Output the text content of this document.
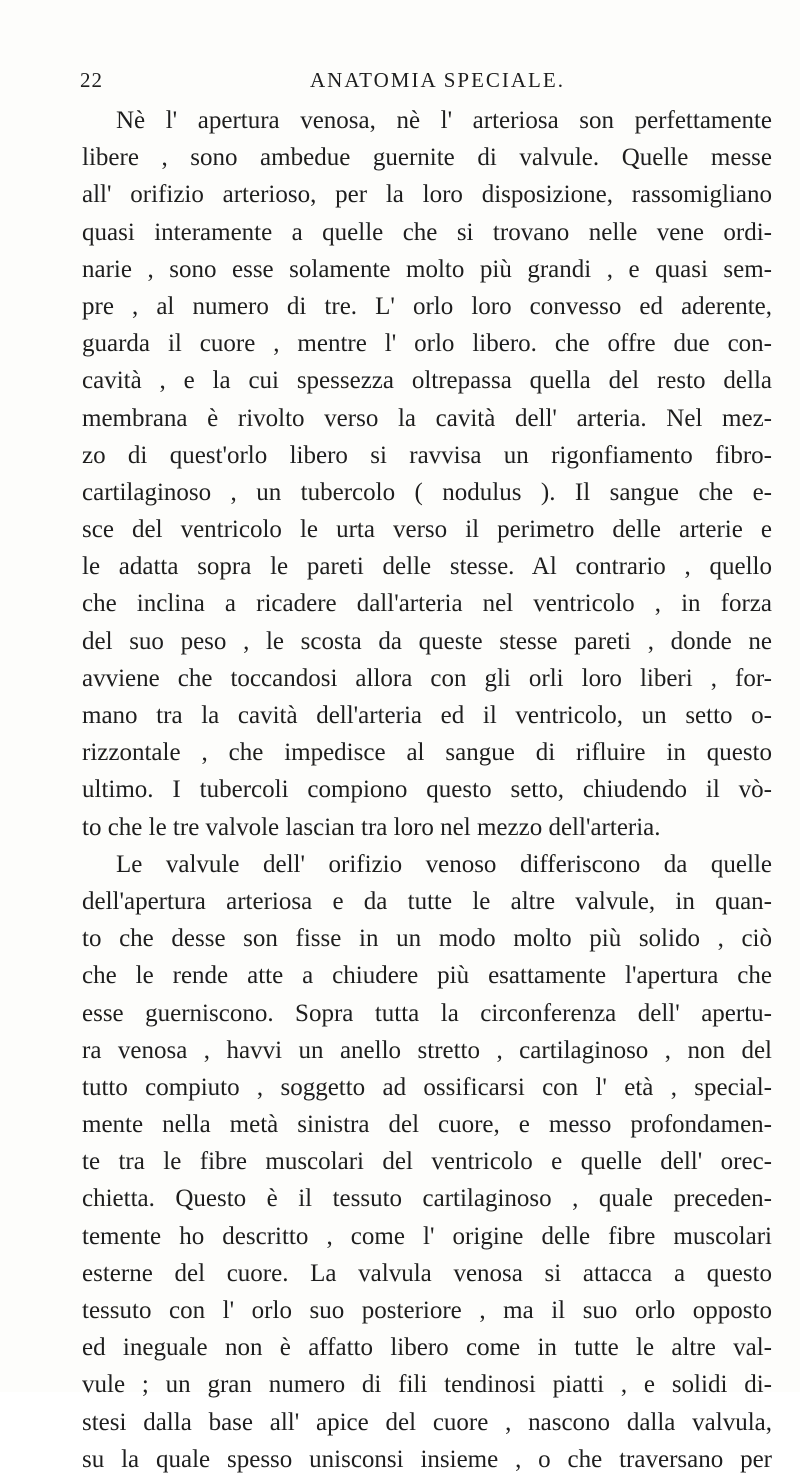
22	ANATOMIA SPECIALE.
Nè l' apertura venosa, nè l' arteriosa son perfettamente
libere , sono ambedue guernite di valvule. Quelle messe
all' orifizio arterioso, per la loro disposizione, rassomigliano
quasi interamente a quelle che si trovano nelle vene ordi-
narie , sono esse solamente molto più grandi , e quasi sem-
pre , al numero di tre. L' orlo loro convesso ed aderente,
guarda il cuore , mentre l' orlo libero. che offre due con-
cavità , e la cui spessezza oltrepassa quella del resto della
membrana è rivolto verso la cavità dell' arteria. Nel mez-
zo di quest'orlo libero si ravvisa un rigonfiamento fibro-
cartilaginoso , un tubercolo ( nodulus ). Il sangue che e-
sce del ventricolo le urta verso il perimetro delle arterie e
le adatta sopra le pareti delle stesse. Al contrario , quello
che inclina a ricadere dall'arteria nel ventricolo , in forza
del suo peso , le scosta da queste stesse pareti , donde ne
avviene che toccandosi allora con gli orli loro liberi , for-
mano tra la cavità dell'arteria ed il ventricolo, un setto o-
rizzontale , che impedisce al sangue di rifluire in questo
ultimo. I tubercoli compiono questo setto, chiudendo il vò-
to che le tre valvole lascian tra loro nel mezzo dell'arteria.
Le valvule dell' orifizio venoso differiscono da quelle
dell'apertura arteriosa e da tutte le altre valvule, in quan-
to che desse son fisse in un modo molto più solido , ciò
che le rende atte a chiudere più esattamente l'apertura che
esse guerniscono. Sopra tutta la circonferenza dell' apertu-
ra venosa , havvi un anello stretto , cartilaginoso , non del
tutto compiuto , soggetto ad ossificarsi con l' età , special-
mente nella metà sinistra del cuore, e messo profondamen-
te tra le fibre muscolari del ventricolo e quelle dell' orec-
chietta. Questo è il tessuto cartilaginoso , quale preceden-
temente ho descritto , come l' origine delle fibre muscolari
esterne del cuore. La valvula venosa si attacca a questo
tessuto con l' orlo suo posteriore , ma il suo orlo opposto
ed ineguale non è affatto libero come in tutte le altre val-
vule ; un gran numero di fili tendinosi piatti , e solidi di-
stesi dalla base all' apice del cuore , nascono dalla valvula,
su la quale spesso unisconsi insieme , o che traversano per
